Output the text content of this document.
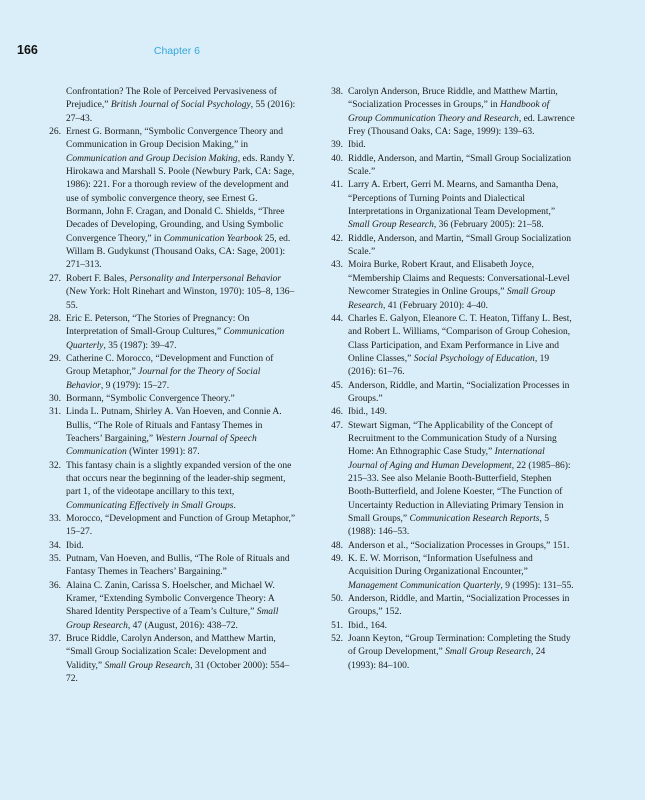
166	Chapter 6
Confrontation? The Role of Perceived Pervasiveness of Prejudice,” British Journal of Social Psychology, 55 (2016): 27–43.
26. Ernest G. Bormann, “Symbolic Convergence Theory and Communication in Group Decision Making,” in Communication and Group Decision Making, eds. Randy Y. Hirokawa and Marshall S. Poole (Newbury Park, CA: Sage, 1986): 221. For a thorough review of the development and use of symbolic convergence theory, see Ernest G. Bormann, John F. Cragan, and Donald C. Shields, “Three Decades of Developing, Grounding, and Using Symbolic Convergence Theory,” in Communication Yearbook 25, ed. Willam B. Gudykunst (Thousand Oaks, CA: Sage, 2001): 271–313.
27. Robert F. Bales, Personality and Interpersonal Behavior (New York: Holt Rinehart and Winston, 1970): 105–8, 136–55.
28. Eric E. Peterson, “The Stories of Pregnancy: On Interpretation of Small-Group Cultures,” Communication Quarterly, 35 (1987): 39–47.
29. Catherine C. Morocco, “Development and Function of Group Metaphor,” Journal for the Theory of Social Behavior, 9 (1979): 15–27.
30. Bormann, “Symbolic Convergence Theory.”
31. Linda L. Putnam, Shirley A. Van Hoeven, and Connie A. Bullis, “The Role of Rituals and Fantasy Themes in Teachers’ Bargaining,” Western Journal of Speech Communication (Winter 1991): 87.
32. This fantasy chain is a slightly expanded version of the one that occurs near the beginning of the leader-ship segment, part 1, of the videotape ancillary to this text, Communicating Effectively in Small Groups.
33. Morocco, “Development and Function of Group Metaphor,” 15–27.
34. Ibid.
35. Putnam, Van Hoeven, and Bullis, “The Role of Rituals and Fantasy Themes in Teachers’ Bargaining.”
36. Alaina C. Zanin, Carissa S. Hoelscher, and Michael W. Kramer, “Extending Symbolic Convergence Theory: A Shared Identity Perspective of a Team’s Culture,” Small Group Research, 47 (August, 2016): 438–72.
37. Bruce Riddle, Carolyn Anderson, and Matthew Martin, “Small Group Socialization Scale: Development and Validity,” Small Group Research, 31 (October 2000): 554–72.
38. Carolyn Anderson, Bruce Riddle, and Matthew Martin, “Socialization Processes in Groups,” in Handbook of Group Communication Theory and Research, ed. Lawrence Frey (Thousand Oaks, CA: Sage, 1999): 139–63.
39. Ibid.
40. Riddle, Anderson, and Martin, “Small Group Socialization Scale.”
41. Larry A. Erbert, Gerri M. Mearns, and Samantha Dena, “Perceptions of Turning Points and Dialectical Interpretations in Organizational Team Development,” Small Group Research, 36 (February 2005): 21–58.
42. Riddle, Anderson, and Martin, “Small Group Socialization Scale.”
43. Moira Burke, Robert Kraut, and Elisabeth Joyce, “Membership Claims and Requests: Conversational-Level Newcomer Strategies in Online Groups,” Small Group Research, 41 (February 2010): 4–40.
44. Charles E. Galyon, Eleanore C. T. Heaton, Tiffany L. Best, and Robert L. Williams, “Comparison of Group Cohesion, Class Participation, and Exam Performance in Live and Online Classes,” Social Psychology of Education, 19 (2016): 61–76.
45. Anderson, Riddle, and Martin, “Socialization Processes in Groups.”
46. Ibid., 149.
47. Stewart Sigman, “The Applicability of the Concept of Recruitment to the Communication Study of a Nursing Home: An Ethnographic Case Study,” International Journal of Aging and Human Development, 22 (1985–86): 215–33. See also Melanie Booth-Butterfield, Stephen Booth-Butterfield, and Jolene Koester, “The Function of Uncertainty Reduction in Alleviating Primary Tension in Small Groups,” Communication Research Reports, 5 (1988): 146–53.
48. Anderson et al., “Socialization Processes in Groups,” 151.
49. K. E. W. Morrison, “Information Usefulness and Acquisition During Organizational Encounter,” Management Communication Quarterly, 9 (1995): 131–55.
50. Anderson, Riddle, and Martin, “Socialization Processes in Groups,” 152.
51. Ibid., 164.
52. Joann Keyton, “Group Termination: Completing the Study of Group Development,” Small Group Research, 24 (1993): 84–100.
